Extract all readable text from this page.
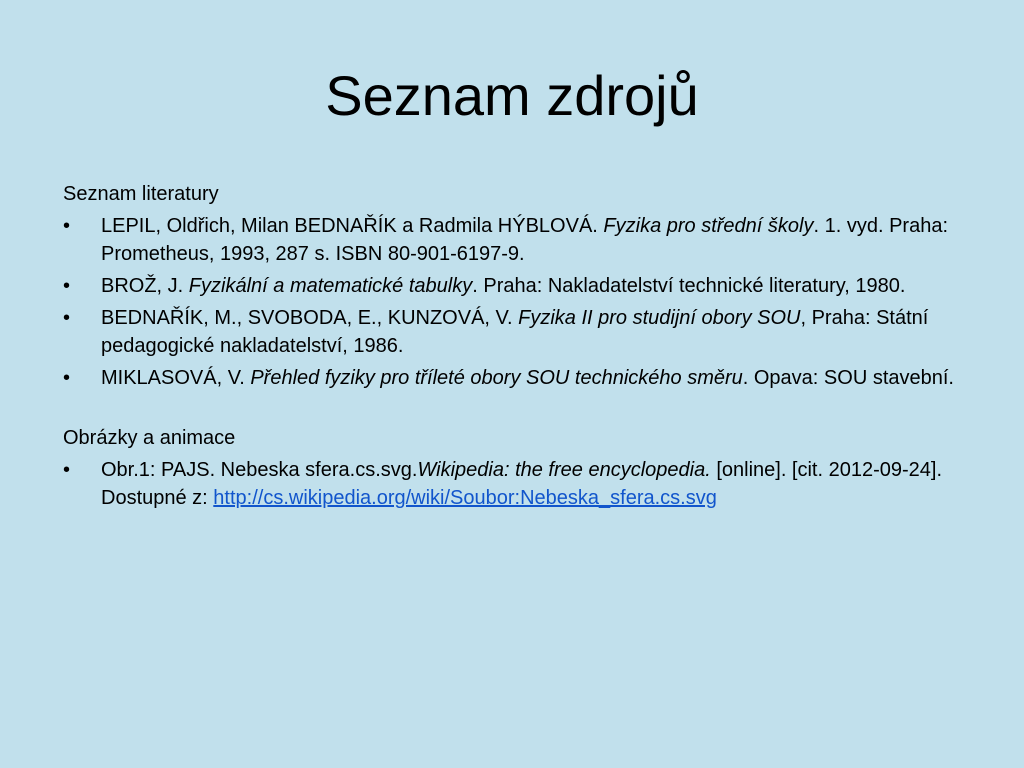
Seznam zdrojů

Seznam literatury

• LEPIL, Oldřich, Milan BEDNAŘÍK a Radmila HÝBLOVÁ. Fyzika pro střední školy. 1. vyd. Praha: Prometheus, 1993, 287 s. ISBN 80-901-6197-9.
• BROŽ, J. Fyzikální a matematické tabulky. Praha: Nakladatelství technické literatury, 1980.
• BEDNAŘÍK, M., SVOBODA, E., KUNZOVÁ, V. Fyzika II pro studijní obory SOU, Praha: Státní pedagogické nakladatelství, 1986.
• MIKLASOVÁ, V. Přehled fyziky pro tříleté obory SOU technického směru. Opava: SOU stavební.

Obrázky a animace

• Obr.1: PAJS. Nebeska sfera.cs.svg.Wikipedia: the free encyclopedia. [online]. [cit. 2012-09-24]. Dostupné z: http://cs.wikipedia.org/wiki/Soubor:Nebeska_sfera.cs.svg
